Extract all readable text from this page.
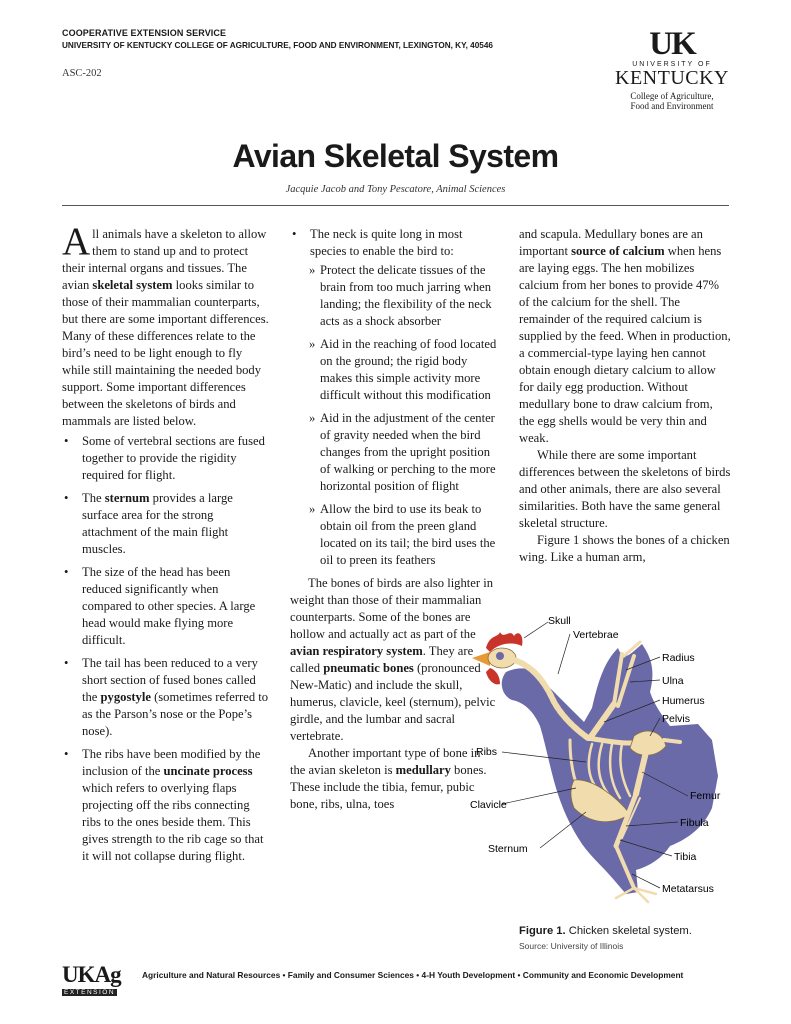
COOPERATIVE EXTENSION SERVICE
UNIVERSITY OF KENTUCKY COLLEGE OF AGRICULTURE, FOOD AND ENVIRONMENT, LEXINGTON, KY, 40546
ASC-202
UK
UNIVERSITY OF
KENTUCKY
College of Agriculture,
Food and Environment
Avian Skeletal System
Jacquie Jacob and Tony Pescatore, Animal Sciences

All animals have a skeleton to allow them to stand up and to protect their internal organs and tissues. The avian skeletal system looks similar to those of their mammalian counterparts, but there are some important differences. Many of these differences relate to the bird’s need to be light enough to fly while still maintaining the needed body support. Some important differences between the skeletons of birds and mammals are listed below.

• Some of vertebral sections are fused together to provide the rigidity required for flight.
• The sternum provides a large surface area for the strong attachment of the main flight muscles.
• The size of the head has been reduced significantly when compared to other species. A large head would make flying more difficult.
• The tail has been reduced to a very short section of fused bones called the pygostyle (sometimes referred to as the Parson’s nose or the Pope’s nose).
• The ribs have been modified by the inclusion of the uncinate process which refers to overlying flaps projecting off the ribs connecting ribs to the ones beside them. This gives strength to the rib cage so that it will not collapse during flight.
• The neck is quite long in most species to enable the bird to:
» Protect the delicate tissues of the brain from too much jarring when landing; the flexibility of the neck acts as a shock absorber
» Aid in the reaching of food located on the ground; the rigid body makes this simple activity more difficult without this modification
» Aid in the adjustment of the center of gravity needed when the bird changes from the upright position of walking or perching to the more horizontal position of flight
» Allow the bird to use its beak to obtain oil from the preen gland located on its tail; the bird uses the oil to preen its feathers

The bones of birds are also lighter in weight than those of their mammalian counterparts. Some of the bones are hollow and actually act as part of the avian respiratory system. They are called pneumatic bones (pronounced New-Matic) and include the skull, humerus, clavicle, keel (sternum), pelvic girdle, and the lumbar and sacral vertebrate.

Another important type of bone in the avian skeleton is medullary bones. These include the tibia, femur, pubic bone, ribs, ulna, toes

and scapula. Medullary bones are an important source of calcium when hens are laying eggs. The hen mobilizes calcium from her bones to provide 47% of the calcium for the shell. The remainder of the required calcium is supplied by the feed. When in production, a commercial-type laying hen cannot obtain enough dietary calcium to allow for daily egg production. Without medullary bone to draw calcium from, the egg shells would be very thin and weak.

While there are some important differences between the skeletons of birds and other animals, there are also several similarities. Both have the same general skeletal structure.

Figure 1 shows the bones of a chicken wing. Like a human arm,

Skull
Vertebrae
Radius
Ulna
Humerus
Pelvis
Ribs
Clavicle
Femur
Fibula
Sternum
Tibia
Metatarsus
Figure 1. Chicken skeletal system.
Source: University of Illinois
UKAg
EXTENSION
Agriculture and Natural Resources • Family and Consumer Sciences • 4-H Youth Development • Community and Economic Development
